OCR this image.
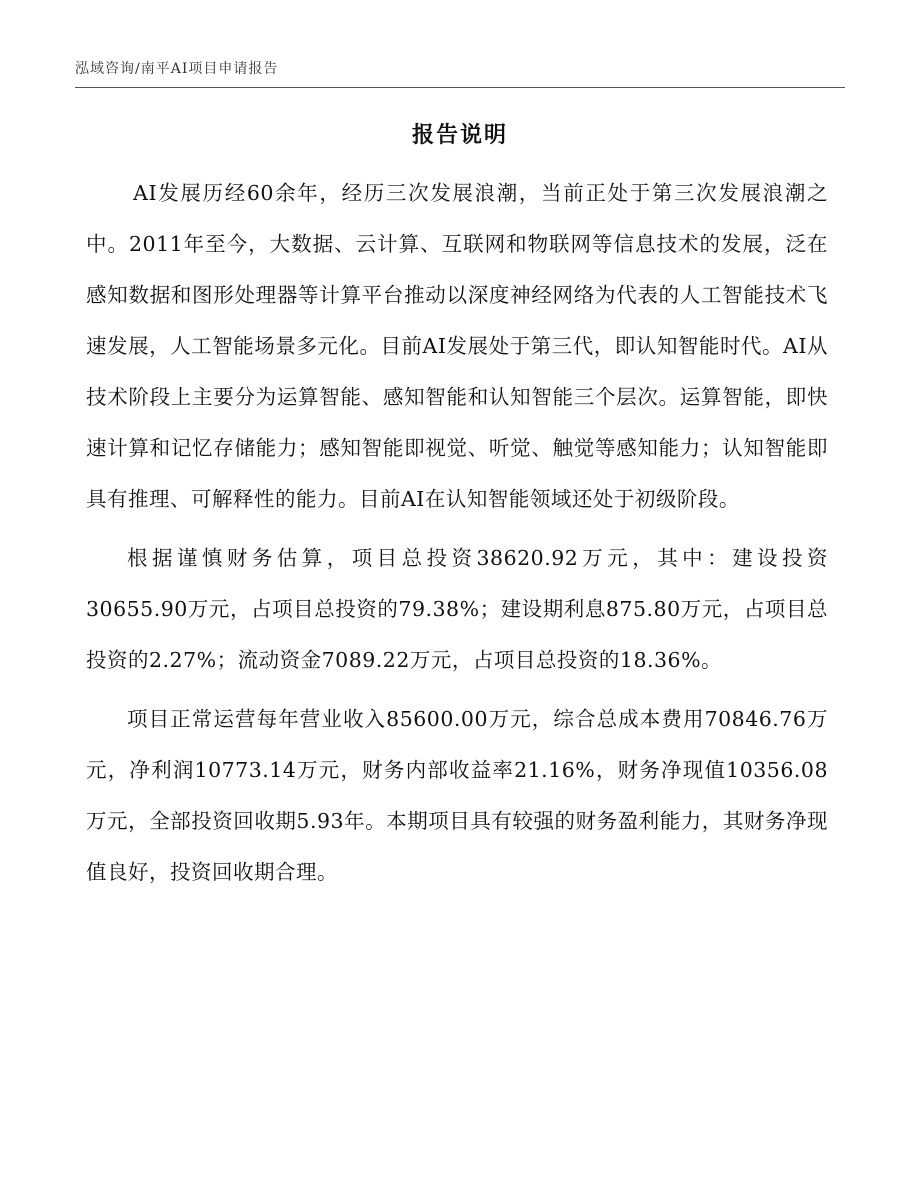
泓域咨询/南平AI项目申请报告
报告说明

AI发展历经60余年，经历三次发展浪潮，当前正处于第三次发展浪潮之中。2011年至今，大数据、云计算、互联网和物联网等信息技术的发展，泛在感知数据和图形处理器等计算平台推动以深度神经网络为代表的人工智能技术飞速发展，人工智能场景多元化。目前AI发展处于第三代，即认知智能时代。AI从技术阶段上主要分为运算智能、感知智能和认知智能三个层次。运算智能，即快速计算和记忆存储能力；感知智能即视觉、听觉、触觉等感知能力；认知智能即具有推理、可解释性的能力。目前AI在认知智能领域还处于初级阶段。

根据谨慎财务估算，项目总投资38620.92万元，其中：建设投资30655.90万元，占项目总投资的79.38%；建设期利息875.80万元，占项目总投资的2.27%；流动资金7089.22万元，占项目总投资的18.36%。

项目正常运营每年营业收入85600.00万元，综合总成本费用70846.76万元，净利润10773.14万元，财务内部收益率21.16%，财务净现值10356.08万元，全部投资回收期5.93年。本期项目具有较强的财务盈利能力，其财务净现值良好，投资回收期合理。
